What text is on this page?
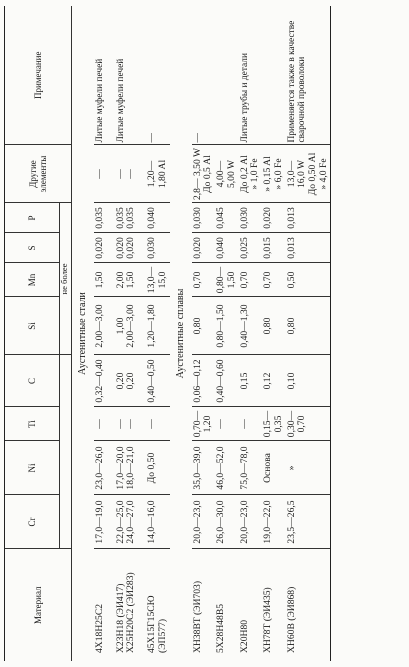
Материал	Cr	Ni	Ti	C	Si	Mn	S	P	Другие элементы	Примечание
					не более					
Аустенитные стали										
4Х18Н25С2	17,0—19,0	23,0—26,0	—	0,32—0,40	2,00—3,00	1,50	0,020	0,035	—	Литые муфели печей

Х23Н18 (ЭИ417) Х25Н20С2 (ЭИ283)	22,0—25,0 24,0—27,0	17,0—20,0 18,0—21,0	— —	0,20 0,20	1,00 2,00—3,00	2,00 1,50	0,020 0,020	0,035 0,035	— —	Литые муфели печей

45Х15Г15СЮ (ЭП577)	14,0—16,0	До 0,50	—	0,40—0,50	1,20—1,80	13,0— 15,0	0,030	0,040	1,20— 1,80 Al	—
Аустенитные сплавы										
ХН38ВТ (ЭИ703)	20,0—23,0	35,0—39,0	0,70— 1,20	0,06—0,12	0,80	0,70	0,020	0,030	2,8— 3,50 W До 0,5 Al	—
5Х28Н48В5	26,0—30,0	46,0—52,0	—	0,40—0,60	0,80—1,50	0,80— 1,50	0,040	0,045	4,00— 5,00 W	

Х20Н80	20,0—23,0	75,0—78,0	—	0,15	0,40—1,30	0,70	0,025	0,030	До 0,2 Al » 1,0 Fe	Литые трубы и детали
ХН78Т (ЭИ435)	19,0—22,0	Основа	0,15— 0,35	0,12	0,80	0,70	0,015	0,020	» 0,15 Al » 6,0 Fe	

ХН60В (ЭИ868)	23,5—26,5	»	0,30— 0,70	0,10	0,80	0,50	0,013	0,013	13,0— 16,0 W До 0,50 Al » 4,0 Fe	Применяется также в качестве сварочной проволоки
